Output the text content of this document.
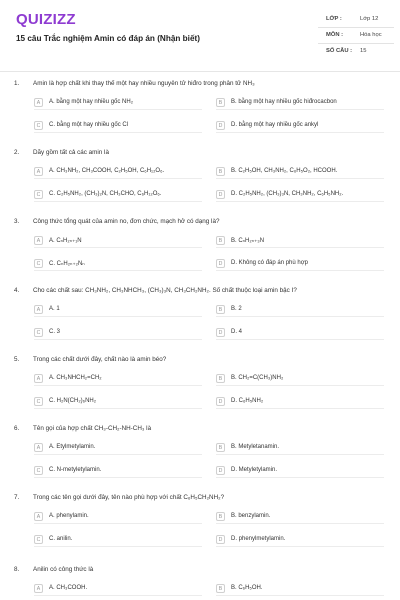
QUIZIZZ
15 câu Trắc nghiệm Amin có đáp án (Nhận biết)
LỚP :	Lớp 12
MÔN :	Hóa học
SỐ CÂU : 15
1. Amin là hợp chất khi thay thế một hay nhiều nguyên tử hiđro trong phân tử NH₃
A	A. bằng một hay nhiều gốc NH₂	B	B. bằng một hay nhiều gốc hiđrocacbon
C	C. bằng một hay nhiều gốc Cl	D	D. bằng một hay nhiều gốc ankyl
2. Dãy gồm tất cả các amin là
A	A. CH₃NH₂, CH₃COOH, C₂H₅OH, C₆H₁₂O₆.	B	B. C₂H₅OH, CH₃NH₂, C₆H₅O₂, HCOOH.
C	C. C₂H₅NH₂, (CH₃)₂N, CH₃CHO, C₆H₁₂O₆.	D	D. C₂H₅NH₂, (CH₃)₃N, CH₃NH₂, C₆H₅NH₂.
3. Công thức tổng quát của amin no, đơn chức, mạch hở có dạng là?
A	A. CₙH₂ₙ₊₁N	B	B. CₙH₂ₙ₊₃N
C	C. CₙH₂ₙ₊₂Nₙ	D	D. Không có đáp án phù hợp
4. Cho các chất sau: CH₃NH₂, CH₃NHCH₃, (CH₃)₃N, CH₃CH₂NH₂. Số chất thuộc loại amin bậc I?
A	A. 1	B	B. 2
C	C. 3	D	D. 4
5. Trong các chất dưới đây, chất nào là amin béo?
A	A. CH₃NHCH₂=CH₂	B	B. CH₂=C(CH₃)NH₂
C	C. H₂N(CH₂)₆NH₂	D	D. C₆H₅NH₂
6. Tên gọi của hợp chất CH₃-CH₂-NH-CH₃ là
A	A. Etylmetylamin.	B	B. Metyletanamin.
C	C. N-metyletylamin.	D	D. Metyletylamin.
7. Trong các tên gọi dưới đây, tên nào phù hợp với chất C₆H₅CH₂NH₂?
A	A. phenylamin.	B	B. benzylamin.
C	C. anilin.	D	D. phenylmetylamin.
8. Anilin có công thức là
A	A. CH₃COOH.	B	B. C₆H₅OH.
